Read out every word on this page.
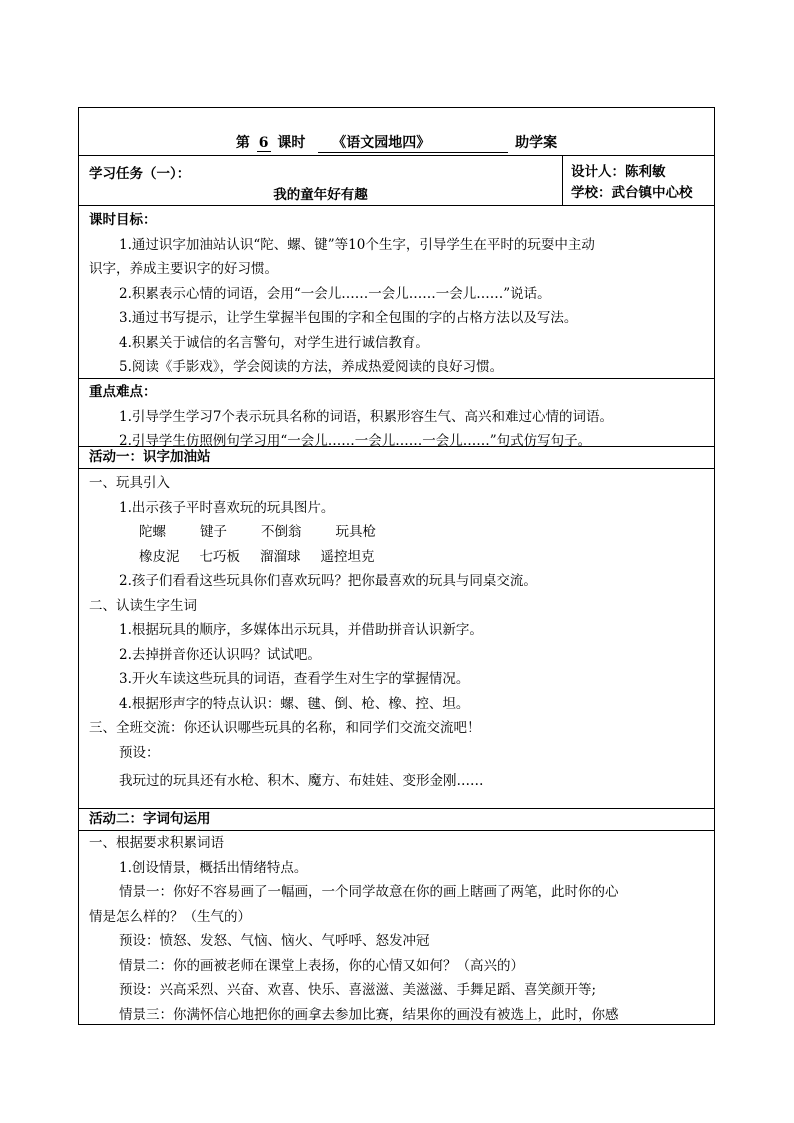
第 6 课时 《语文园地四》	助学案
学习任务（一）：
我的童年好有趣
设计人：陈利敏
学校：武台镇中心校
课时目标：
1.通过识字加油站认识“陀、螺、键”等10个生字，引导学生在平时的玩耍中主动
识字，养成主要识字的好习惯。
2.积累表示心情的词语，会用“一会儿……一会儿……一会儿……”说话。
3.通过书写提示，让学生掌握半包围的字和全包围的字的占格方法以及写法。
4.积累关于诚信的名言警句，对学生进行诚信教育。
5.阅读《手影戏》，学会阅读的方法，养成热爱阅读的良好习惯。
重点难点：
1.引导学生学习7个表示玩具名称的词语，积累形容生气、高兴和难过心情的词语。
2.引导学生仿照例句学习用“一会儿……一会儿……一会儿……”句式仿写句子。
活动一：识字加油站
一、玩具引入
1.出示孩子平时喜欢玩的玩具图片。
陀螺	键子	不倒翁	玩具枪
橡皮泥 七巧板 溜溜球 遥控坦克
2.孩子们看看这些玩具你们喜欢玩吗？把你最喜欢的玩具与同桌交流。
二、认读生字生词
1.根据玩具的顺序，多媒体出示玩具，并借助拼音认识新字。
2.去掉拼音你还认识吗？试试吧。
3.开火车读这些玩具的词语，查看学生对生字的掌握情况。
4.根据形声字的特点认识：螺、毽、倒、枪、橡、控、坦。
三、全班交流：你还认识哪些玩具的名称，和同学们交流交流吧！
预设：
我玩过的玩具还有水枪、积木、魔方、布娃娃、变形金刚……
活动二：字词句运用
一、根据要求积累词语
1.创设情景，概括出情绪特点。
情景一：你好不容易画了一幅画，一个同学故意在你的画上瞎画了两笔，此时你的心
情是怎么样的？（生气的）
预设：愤怒、发怒、气恼、恼火、气呼呼、怒发冲冠
情景二：你的画被老师在课堂上表扬，你的心情又如何？（高兴的）
预设：兴高采烈、兴奋、欢喜、快乐、喜滋滋、美滋滋、手舞足蹈、喜笑颜开等;
情景三：你满怀信心地把你的画拿去参加比赛，结果你的画没有被选上，此时，你感
